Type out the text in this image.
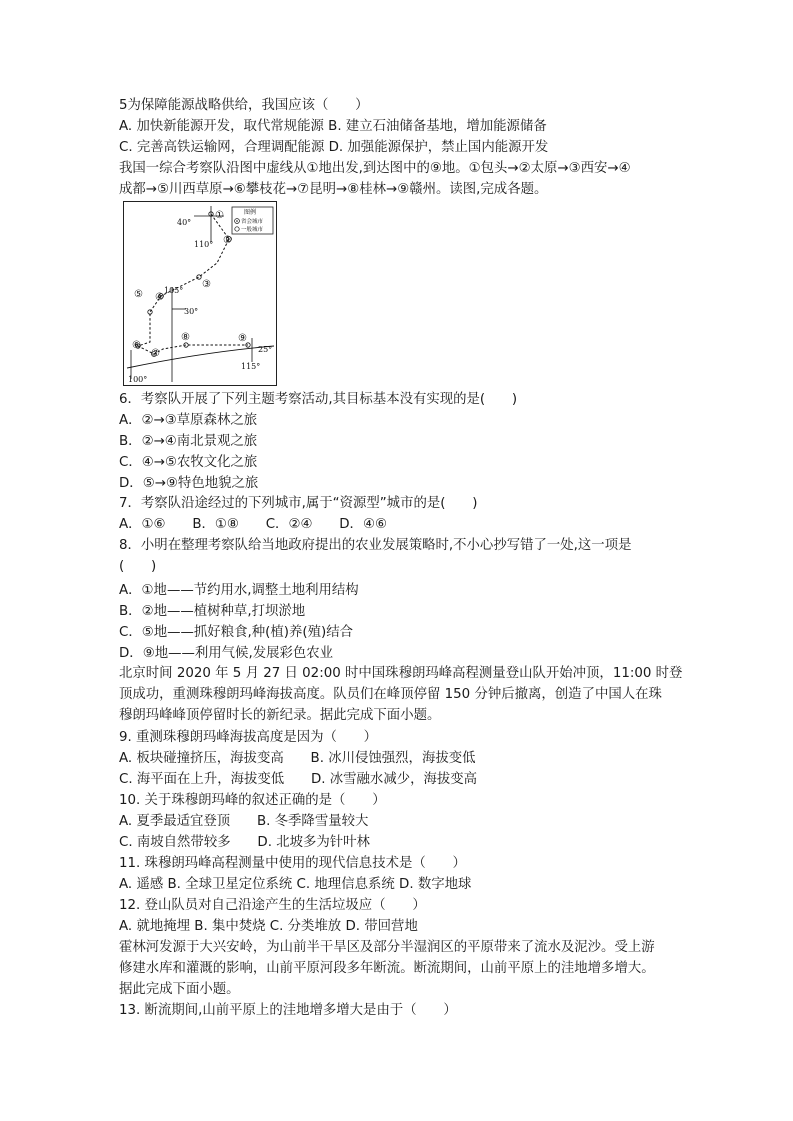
5为保障能源战略供给，我国应该（　　）
A. 加快新能源开发，取代常规能源 B. 建立石油储备基地，增加能源储备
C. 完善高铁运输网，合理调配能源 D. 加强能源保护，禁止国内能源开发
我国一综合考察队沿图中虚线从①地出发,到达图中的⑨地。①包头→②太原→③西安→④
成都→⑤川西草原→⑥攀枝花→⑦昆明→⑧桂林→⑨赣州。读图,完成各题。
图例
省会城市
一般城市
①
②
③
④
⑤
⑥
⑦
⑧	⑨
40°
110°
105°
30°
25°
100°
115°
6．考察队开展了下列主题考察活动,其目标基本没有实现的是(　　)
A．②→③草原森林之旅
B．②→④南北景观之旅
C．④→⑤农牧文化之旅
D．⑤→⑨特色地貌之旅
7．考察队沿途经过的下列城市,属于“资源型”城市的是(　　)
A．①⑥　　B．①⑧　　C．②④　　D．④⑥
8．小明在整理考察队给当地政府提出的农业发展策略时,不小心抄写错了一处,这一项是
(　　)
A．①地——节约用水,调整土地利用结构
B．②地——植树种草,打坝淤地
C．⑤地——抓好粮食,种(植)养(殖)结合
D．⑨地——利用气候,发展彩色农业
北京时间 2020 年 5 月 27 日 02:00 时中国珠穆朗玛峰高程测量登山队开始冲顶，11:00 时登
顶成功，重测珠穆朗玛峰海拔高度。队员们在峰顶停留 150 分钟后撤离，创造了中国人在珠
穆朗玛峰峰顶停留时长的新纪录。据此完成下面小题。
9. 重测珠穆朗玛峰海拔高度是因为（　　）
A. 板块碰撞挤压，海拔变高　　B. 冰川侵蚀强烈，海拔变低
C. 海平面在上升，海拔变低　　D. 冰雪融水减少，海拔变高
10. 关于珠穆朗玛峰的叙述正确的是（　　）
A. 夏季最适宜登顶　　B. 冬季降雪量较大
C. 南坡自然带较多　　D. 北坡多为针叶林
11. 珠穆朗玛峰高程测量中使用的现代信息技术是（　　）
A. 遥感 B. 全球卫星定位系统 C. 地理信息系统 D. 数字地球
12. 登山队员对自己沿途产生的生活垃圾应（　　）
A. 就地掩埋 B. 集中焚烧 C. 分类堆放 D. 带回营地
霍林河发源于大兴安岭，为山前半干旱区及部分半湿润区的平原带来了流水及泥沙。受上游
修建水库和灌溉的影响，山前平原河段多年断流。断流期间，山前平原上的洼地增多增大。
据此完成下面小题。
13. 断流期间,山前平原上的洼地增多增大是由于（　　）
